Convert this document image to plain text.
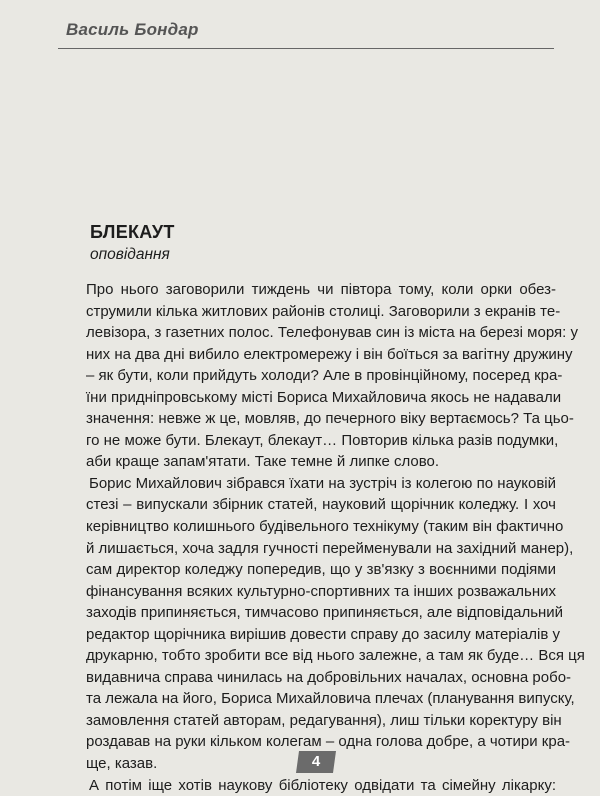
Василь Бондар
БЛЕКАУТ
оповідання
Про нього заговорили тиждень чи півтора тому, коли орки обез-
струмили кілька житлових районів столиці. Заговорили з екранів те-
левізора, з газетних полос. Телефонував син із міста на березі моря: у
них на два дні вибило електромережу і він боїться за вагітну дружину
– як бути, коли прийдуть холоди? Але в провінційному, посеред кра-
їни придніпровському місті Бориса Михайловича якось не надавали
значення: невже ж це, мовляв, до печерного віку вертаємось? Та цьо-
го не може бути. Блекаут, блекаут… Повторив кілька разів подумки,
аби краще запам'ятати. Таке темне й липке слово.
Борис Михайлович зібрався їхати на зустріч із колегою по науковій
стезі – випускали збірник статей, науковий щорічник коледжу. І хоч
керівництво колишнього будівельного технікуму (таким він фактично
й лишається, хоча задля гучності перейменували на західний манер),
сам директор коледжу попередив, що у зв'язку з воєнними подіями
фінансування всяких культурно-спортивних та інших розважальних
заходів припиняється, тимчасово припиняється, але відповідальний
редактор щорічника вирішив довести справу до засилу матеріалів у
друкарню, тобто зробити все від нього залежне, а там як буде… Вся ця
видавнича справа чинилась на добровільних началах, основна робо-
та лежала на його, Бориса Михайловича плечах (планування випуску,
замовлення статей авторам, редагування), лиш тільки коректуру він
роздавав на руки кільком колегам – одна голова добре, а чотири кра-
ще, казав.
А потім іще хотів наукову бібліотеку одвідати та сімейну лікарку:
4
